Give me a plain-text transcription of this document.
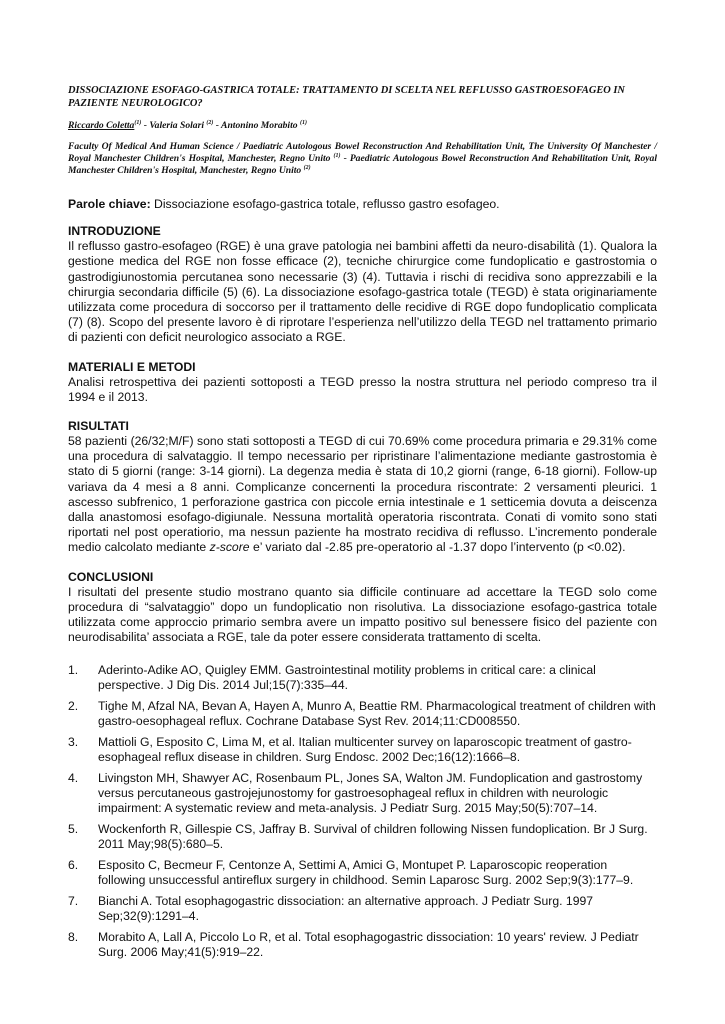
DISSOCIAZIONE ESOFAGO-GASTRICA TOTALE: TRATTAMENTO DI SCELTA NEL REFLUSSO GASTROESOFAGEO IN PAZIENTE NEUROLOGICO?

Riccardo Coletta$^{(1)}$ - Valeria Solari $^{(2)}$ - Antonino Morabito $^{(1)}$
Faculty Of Medical And Human Science / Paediatric Autologous Bowel Reconstruction And Rehabilitation Unit, The University Of Manchester / Royal Manchester Children's Hospital, Manchester, Regno Unito $^{(1)}$ - Paediatric Autologous Bowel Reconstruction And Rehabilitation Unit, Royal Manchester Children's Hospital, Manchester, Regno Unito $^{(2)}$
Parole chiave: Dissociazione esofago-gastrica totale, reflusso gastro esofageo.
INTRODUZIONE

Il reflusso gastro-esofageo (RGE) è una grave patologia nei bambini affetti da neuro-disabilità (1). Qualora la gestione medica del RGE non fosse efficace (2), tecniche chirurgice come fundoplicatio e gastrostomia o gastrodigiunostomia percutanea sono necessarie (3) (4). Tuttavia i rischi di recidiva sono apprezzabili e la chirurgia secondaria difficile (5) (6). La dissociazione esofago-gastrica totale (TEGD) è stata originariamente utilizzata come procedura di soccorso per il trattamento delle recidive di RGE dopo fundoplicatio complicata (7) (8). Scopo del presente lavoro è di riprotare l’esperienza nell’utilizzo della TEGD nel trattamento primario di pazienti con deficit neurologico associato a RGE.

MATERIALI E METODI

Analisi retrospettiva dei pazienti sottoposti a TEGD presso la nostra struttura nel periodo compreso tra il 1994 e il 2013.

RISULTATI

58 pazienti (26/32;M/F) sono stati sottoposti a TEGD di cui 70.69% come procedura primaria e 29.31% come una procedura di salvataggio. Il tempo necessario per ripristinare l’alimentazione mediante gastrostomia è stato di 5 giorni (range: 3-14 giorni). La degenza media è stata di 10,2 giorni (range, 6-18 giorni). Follow-up variava da 4 mesi a 8 anni. Complicanze concernenti la procedura riscontrate: 2 versamenti pleurici. 1 ascesso subfrenico, 1 perforazione gastrica con piccole ernia intestinale e 1 setticemia dovuta a deiscenza dalla anastomosi esofago-digiunale. Nessuna mortalità operatoria riscontrata. Conati di vomito sono stati riportati nel post operatiorio, ma nessun paziente ha mostrato recidiva di reflusso. L’incremento ponderale medio calcolato mediante z-score e’ variato dal -2.85 pre-operatorio al -1.37 dopo l’intervento (p <0.02).

CONCLUSIONI

I risultati del presente studio mostrano quanto sia difficile continuare ad accettare la TEGD solo come procedura di “salvataggio” dopo un fundoplicatio non risolutiva. La dissociazione esofago-gastrica totale utilizzata come approccio primario sembra avere un impatto positivo sul benessere fisico del paziente con neurodisabilita’ associata a RGE, tale da poter essere considerata trattamento di scelta.

1. Aderinto-Adike AO, Quigley EMM. Gastrointestinal motility problems in critical care: a clinical perspective. J Dig Dis. 2014 Jul;15(7):335–44.
2. Tighe M, Afzal NA, Bevan A, Hayen A, Munro A, Beattie RM. Pharmacological treatment of children with gastro-oesophageal reflux. Cochrane Database Syst Rev. 2014;11:CD008550.
3. Mattioli G, Esposito C, Lima M, et al. Italian multicenter survey on laparoscopic treatment of gastro-esophageal reflux disease in children. Surg Endosc. 2002 Dec;16(12):1666–8.
4. Livingston MH, Shawyer AC, Rosenbaum PL, Jones SA, Walton JM. Fundoplication and gastrostomy versus percutaneous gastrojejunostomy for gastroesophageal reflux in children with neurologic impairment: A systematic review and meta-analysis. J Pediatr Surg. 2015 May;50(5):707–14.
5. Wockenforth R, Gillespie CS, Jaffray B. Survival of children following Nissen fundoplication. Br J Surg. 2011 May;98(5):680–5.
6. Esposito C, Becmeur F, Centonze A, Settimi A, Amici G, Montupet P. Laparoscopic reoperation following unsuccessful antireflux surgery in childhood. Semin Laparosc Surg. 2002 Sep;9(3):177–9.
7. Bianchi A. Total esophagogastric dissociation: an alternative approach. J Pediatr Surg. 1997 Sep;32(9):1291–4.
8. Morabito A, Lall A, Piccolo Lo R, et al. Total esophagogastric dissociation: 10 years' review. J Pediatr Surg. 2006 May;41(5):919–22.
